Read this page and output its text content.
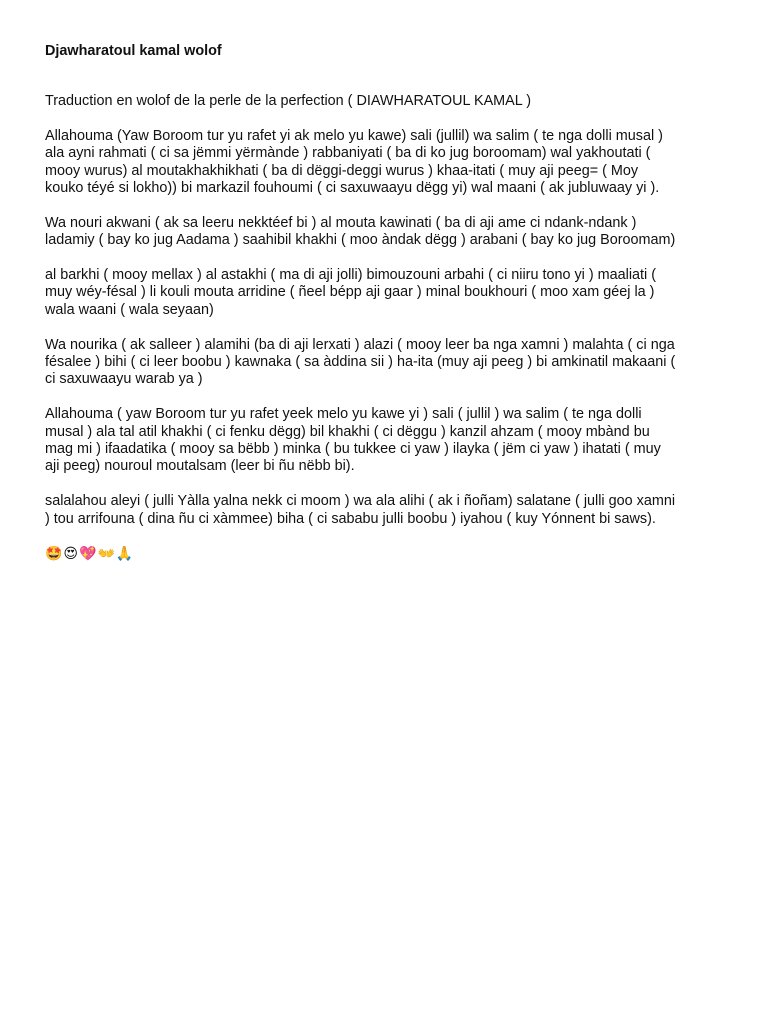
Djawharatoul kamal wolof

Traduction en wolof de la perle de la perfection ( DIAWHARATOUL KAMAL )

Allahouma (Yaw Boroom tur yu rafet yi ak melo yu kawe) sali (jullil) wa salim ( te nga dolli musal )
ala ayni rahmati ( ci sa jëmmi yërmànde ) rabbaniyati ( ba di ko jug boroomam) wal yakhoutati (
mooy wurus) al moutakhakhikhati ( ba di dëggi-deggi wurus ) khaa-itati ( muy aji peeg= ( Moy
kouko téyé si lokho)) bi markazil fouhoumi ( ci saxuwaayu dëgg yi) wal maani ( ak jubluwaay yi ).

Wa nouri akwani ( ak sa leeru nekktéef bi ) al mouta kawinati ( ba di aji ame ci ndank-ndank )
ladamiy ( bay ko jug Aadama ) saahibil khakhi ( moo àndak dëgg ) arabani ( bay ko jug Boroomam)

al barkhi ( mooy mellax ) al astakhi ( ma di aji jolli) bimouzouni arbahi ( ci niiru tono yi ) maaliati (
muy wéy-fésal ) li kouli mouta arridine ( ñeel bépp aji gaar ) minal boukhouri ( moo xam géej la )
wala waani ( wala seyaan)

Wa nourika ( ak salleer ) alamihi (ba di aji lerxati ) alazi ( mooy leer ba nga xamni ) malahta ( ci nga
fésalee ) bihi ( ci leer boobu ) kawnaka ( sa àddina sii ) ha-ita (muy aji peeg ) bi amkinatil makaani (
ci saxuwaayu warab ya )

Allahouma ( yaw Boroom tur yu rafet yeek melo yu kawe yi ) sali ( jullil ) wa salim ( te nga dolli
musal ) ala tal atil khakhi ( ci fenku dëgg) bil khakhi ( ci dëggu ) kanzil ahzam ( mooy mbànd bu
mag mi ) ifaadatika ( mooy sa bëbb ) minka ( bu tukkee ci yaw ) ilayka ( jëm ci yaw ) ihatati ( muy
aji peeg) nouroul moutalsam (leer bi ñu nëbb bi).

salalahou aleyi ( julli Yàlla yalna nekk ci moom ) wa ala alihi ( ak i ñoñam) salatane ( julli goo xamni
) tou arrifouna ( dina ñu ci xàmmee) biha ( ci sababu julli boobu ) iyahou ( kuy Yónnent bi saws).

🤩😍💖👐🙏
